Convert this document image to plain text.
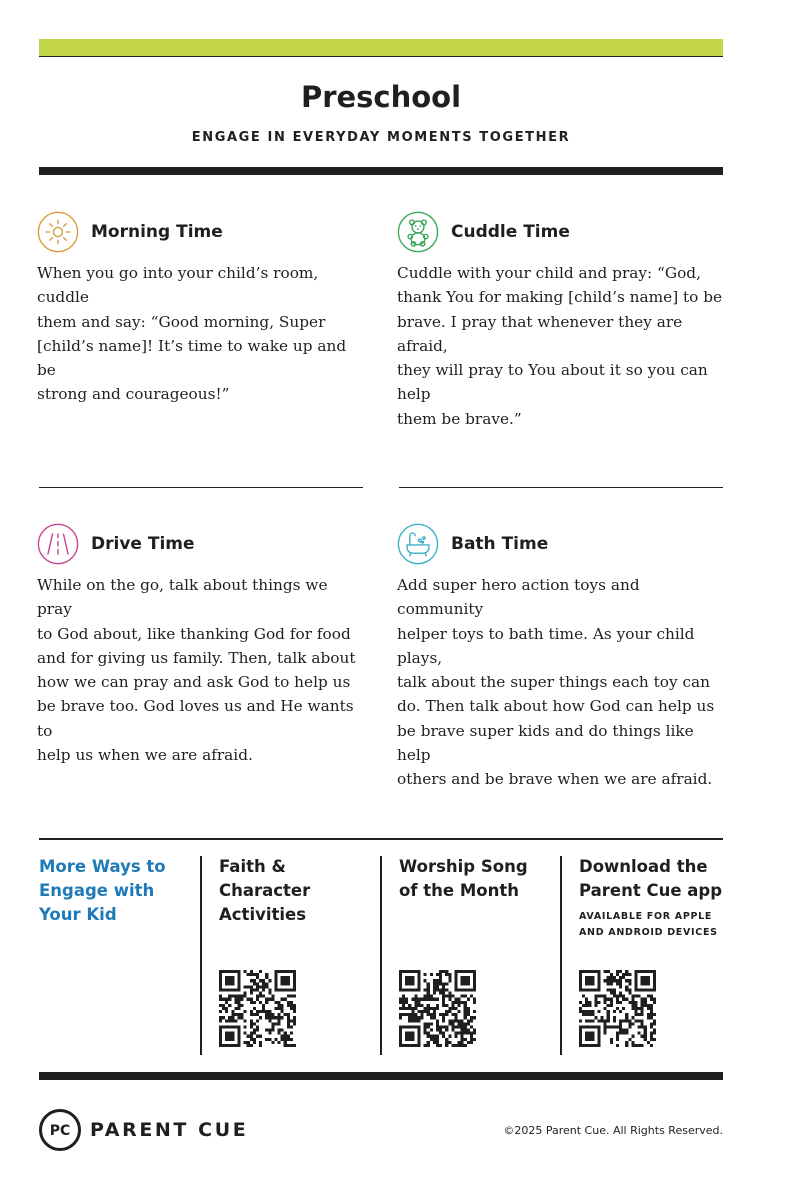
Preschool
ENGAGE IN EVERYDAY MOMENTS TOGETHER
Morning Time
When you go into your child’s room, cuddle
them and say: “Good morning, Super
[child’s name]! It’s time to wake up and be
strong and courageous!”
Cuddle Time
Cuddle with your child and pray: “God,
thank You for making [child’s name] to be
brave. I pray that whenever they are afraid,
they will pray to You about it so you can help
them be brave.”
Drive Time
While on the go, talk about things we pray
to God about, like thanking God for food
and for giving us family. Then, talk about
how we can pray and ask God to help us
be brave too. God loves us and He wants to
help us when we are afraid.
Bath Time
Add super hero action toys and community
helper toys to bath time. As your child plays,
talk about the super things each toy can
do. Then talk about how God can help us
be brave super kids and do things like help
others and be brave when we are afraid.
More Ways to
Engage with
Your Kid
Faith &
Character
Activities
Worship Song
of the Month
Download the
Parent Cue app
AVAILABLE FOR APPLE
AND ANDROID DEVICES
PC PARENT CUE	©2025 Parent Cue. All Rights Reserved.
